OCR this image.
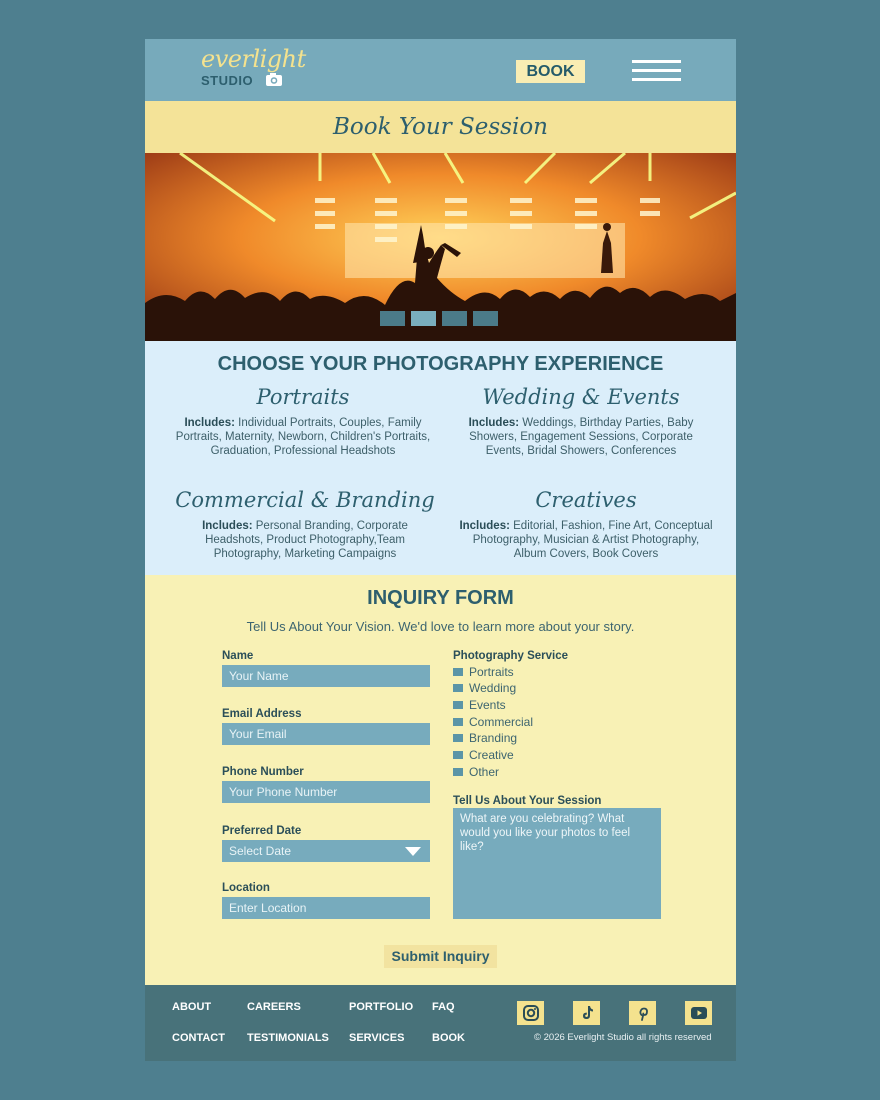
everlight
STUDIO
BOOK
Book Your Session
CHOOSE YOUR PHOTOGRAPHY EXPERIENCE
Portraits
Includes: Individual Portraits, Couples, Family Portraits, Maternity, Newborn, Children's Portraits, Graduation, Professional Headshots
Wedding & Events
Includes: Weddings, Birthday Parties, Baby Showers, Engagement Sessions, Corporate Events, Bridal Showers, Conferences
Commercial & Branding
Includes: Personal Branding, Corporate Headshots, Product Photography,Team Photography, Marketing Campaigns
Creatives
Includes: Editorial, Fashion, Fine Art, Conceptual Photography, Musician & Artist Photography, Album Covers, Book Covers
INQUIRY FORM
Tell Us About Your Vision. We'd love to learn more about your story.
Name
Your Name
Email Address
Your Email
Phone Number
Your Phone Number
Preferred Date
Select Date
Location
Enter Location
Photography Service
Portraits
Wedding
Events
Commercial
Branding
Creative
Other
Tell Us About Your Session
What are you celebrating? What would you like your photos to feel like?
Submit Inquiry
ABOUT	CAREERS	PORTFOLIO FAQ
CONTACT TESTIMONIALS SERVICES	BOOK	© 2026 Everlight Studio all rights reserved
